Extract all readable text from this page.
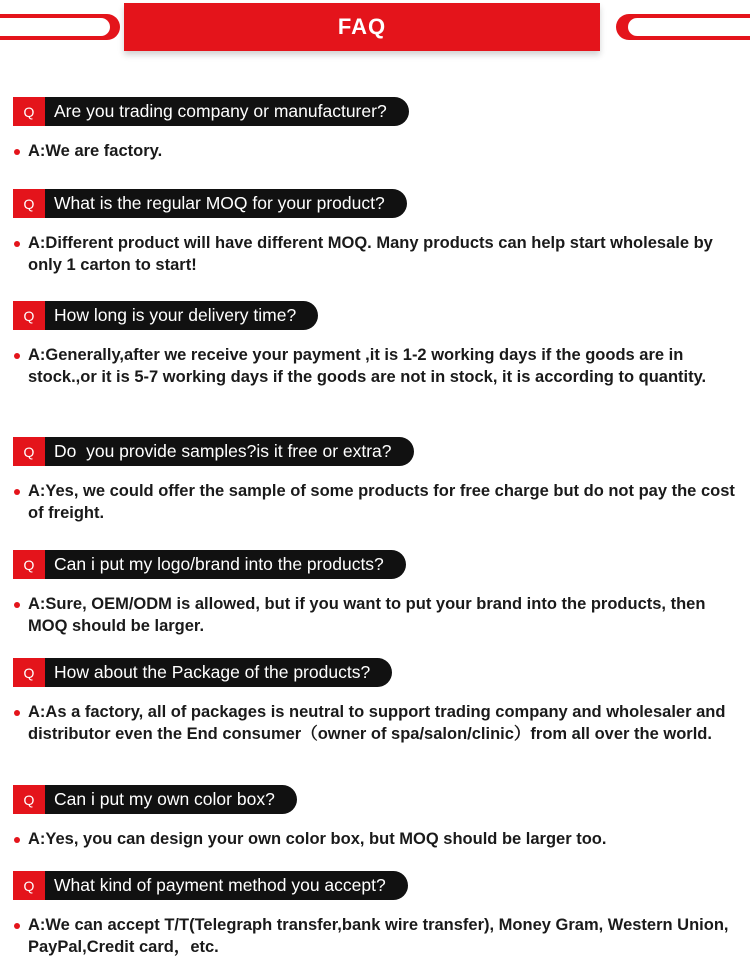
FAQ
Q	Are you trading company or manufacturer?
A:We are factory.
Q	What is the regular MOQ for your product?
A:Different product will have different MOQ. Many products can help start wholesale by only 1 carton to start!
Q	How long is your delivery time?
A:Generally,after we receive your payment ,it is 1-2 working days if the goods are in stock.,or it is 5-7 working days if the goods are not in stock, it is according to quantity.
Q	Do  you provide samples?is it free or extra?
A:Yes, we could offer the sample of some products for free charge but do not pay the cost of freight.
Q	Can i put my logo/brand into the products?
A:Sure, OEM/ODM is allowed, but if you want to put your brand into the products, then MOQ should be larger.
Q	How about the Package of the products?
A:As a factory, all of packages is neutral to support trading company and wholesaler and distributor even the End consumer（owner of spa/salon/clinic）from all over the world.
Q	Can i put my own color box?
A:Yes, you can design your own color box, but MOQ should be larger too.
Q	What kind of payment method you accept?
A:We can accept T/T(Telegraph transfer,bank wire transfer), Money Gram, Western Union, PayPal,Credit card，etc.
